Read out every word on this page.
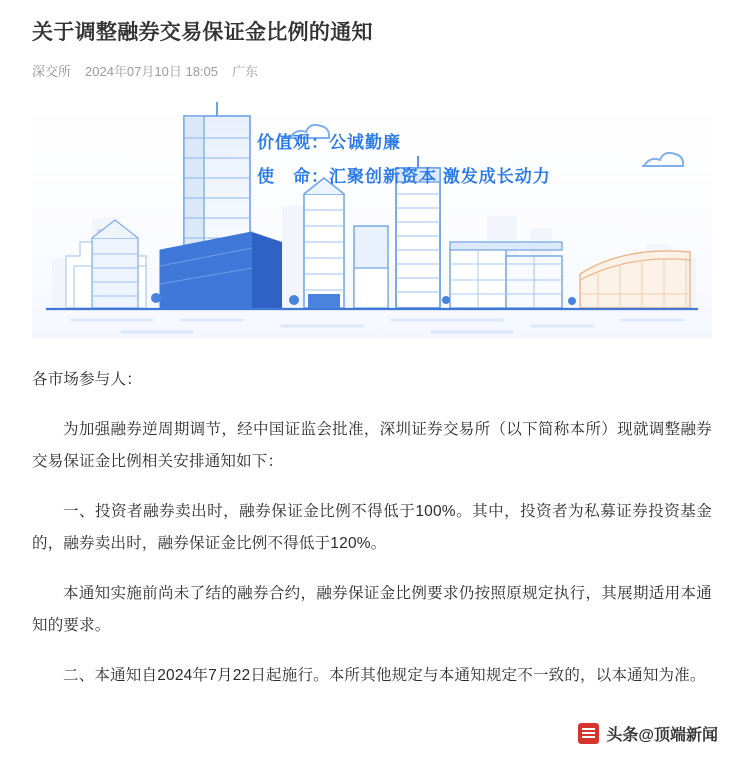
关于调整融券交易保证金比例的通知
深交所 2024年07月10日 18:05 广东
价值观：公诚勤廉
使　命：汇聚创新资本 激发成长动力

各市场参与人：

为加强融券逆周期调节，经中国证监会批准，深圳证券交易所（以下简称本所）现就调整融券交易保证金比例相关安排通知如下：

一、投资者融券卖出时，融券保证金比例不得低于100%。其中，投资者为私募证券投资基金的，融券卖出时，融券保证金比例不得低于120%。

本通知实施前尚未了结的融券合约，融券保证金比例要求仍按照原规定执行，其展期适用本通知的要求。

二、本通知自2024年7月22日起施行。本所其他规定与本通知规定不一致的，以本通知为准。

头条@顶端新闻
